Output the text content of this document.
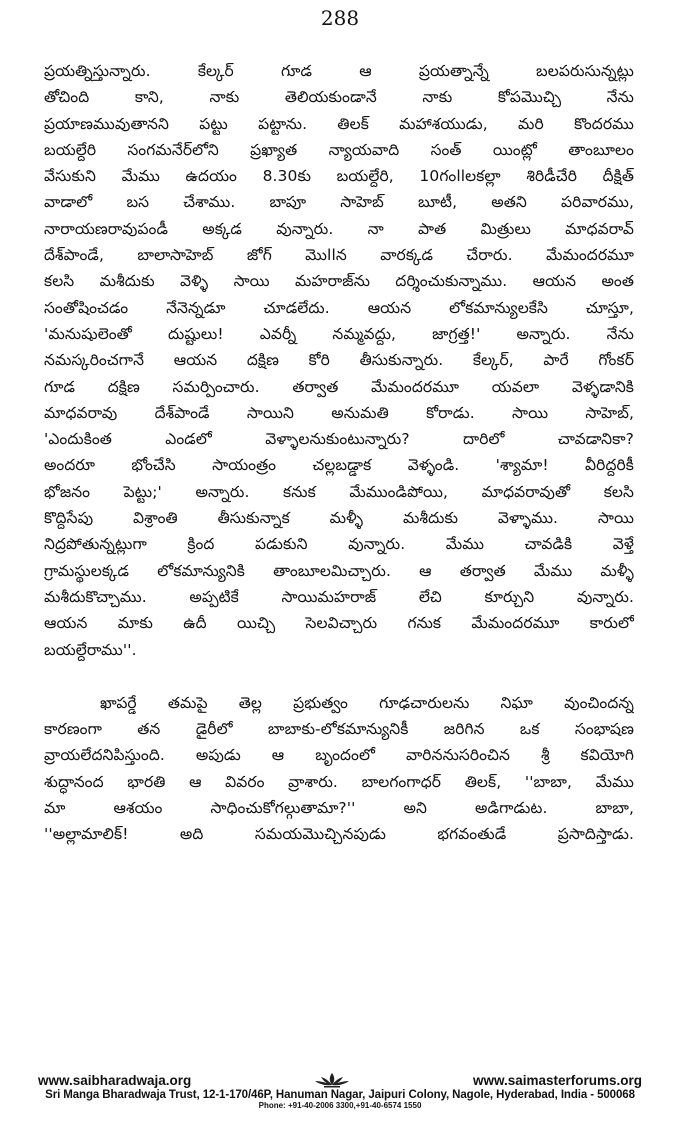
288
ప్రయత్నిస్తున్నారు. కేల్కర్ గూడ ఆ ప్రయత్నాన్నే బలపరుసున్నట్లు
తోచింది కాని, నాకు తెలియకుండానే నాకు కోపమొచ్చి నేను
ప్రయాణమువుతానని పట్టు పట్టాను. తిలక్ మహాశయుడు, మరి కొందరము
బయల్దేరి సంగమనేర్‌లోని ప్రఖ్యాత న్యాయవాది సంత్ యింట్లో తాంబూలం
వేసుకుని మేము ఉదయం 8.30కు బయల్దేరి, 10గంllలకల్లా శిరిడీచేరి దీక్షిత్
వాడాలో బస చేశాము. బాపూ సాహెబ్ బూటీ, అతని పరివారము,
నారాయణరావుపండీ అక్కడ వున్నారు. నా పాత మిత్రులు మాధవరావ్
దేశ్‌పాండే, బాలాసాహెబ్ జోగ్ మొllన వారక్కడ చేరారు. మేమందరమూ
కలసి మశీదుకు వెళ్ళి సాయి మహరాజ్‌ను దర్శించుకున్నాము. ఆయన అంత
సంతోషించడం నేనెన్నడూ చూడలేదు. ఆయన లోకమాన్యులకేసి చూస్తూ,
'మనుషులెంతో దుష్టులు! ఎవర్నీ నమ్మవద్దు, జాగ్రత్త!' అన్నారు. నేను
నమస్కరించగానే ఆయన దక్షిణ కోరి తీసుకున్నారు. కేల్కర్, పారే గోంకర్
గూడ దక్షిణ సమర్పించారు. తర్వాత మేమందరమూ యవలా వెళ్ళడానికి
మాధవరావు దేశ్‌పాండే సాయిని అనుమతి కోరాడు. సాయి సాహెబ్,
'ఎందుకింత ఎండలో వెళ్ళాలనుకుంటున్నారు? దారిలో చావడానికా?
అందరూ భోంచేసి సాయంత్రం చల్లబడ్డాక వెళ్ళండి. 'శ్యామా! వీరిద్దరికీ
భోజనం పెట్టు;' అన్నారు. కనుక మేముండిపోయి, మాధవరావుతో కలసి
కొద్దిసేపు విశ్రాంతి తీసుకున్నాక మళ్ళీ మశీదుకు వెళ్ళాము. సాయి
నిద్రపోతున్నట్లుగా క్రింద పడుకుని వున్నారు. మేము చావడికి వెళ్తే
గ్రామస్థులక్కడ లోకమాన్యునికి తాంబూలమిచ్చారు. ఆ తర్వాత మేము మళ్ళీ
మశీదుకొచ్చాము. అప్పటికే సాయిమహరాజ్ లేచి కూర్చుని వున్నారు.
ఆయన మాకు ఉదీ యిచ్చి సెలవిచ్చారు గనుక మేమందరమూ కారులో
బయల్దేరాము''.
ఖాపర్డే తమపై తెల్ల ప్రభుత్వం గూఢచారులను నిఘా వుంచిందన్న
కారణంగా తన డైరీలో బాబాకు-లోకమాన్యునికీ జరిగిన ఒక సంభాషణ
వ్రాయలేదనిపిస్తుంది. అపుడు ఆ బృందంలో వారిననుసరించిన శ్రీ కవియోగి
శుద్ధానంద భారతి ఆ వివరం వ్రాశారు. బాలగంగాధర్ తిలక్, ''బాబా, మేము
మా ఆశయం సాధించుకోగల్గుతామా?'' అని అడిగాడుట. బాబా,
''అల్లామాలిక్! అది సమయమొచ్చినపుడు భగవంతుడే ప్రసాదిస్తాడు.
www.saibharadwaja.org	www.saimasterforums.org
Sri Manga Bharadwaja Trust, 12-1-170/46P, Hanuman Nagar, Jaipuri Colony, Nagole, Hyderabad, India - 500068
Phone: +91-40-2006 3300,+91-40-6574 1550
